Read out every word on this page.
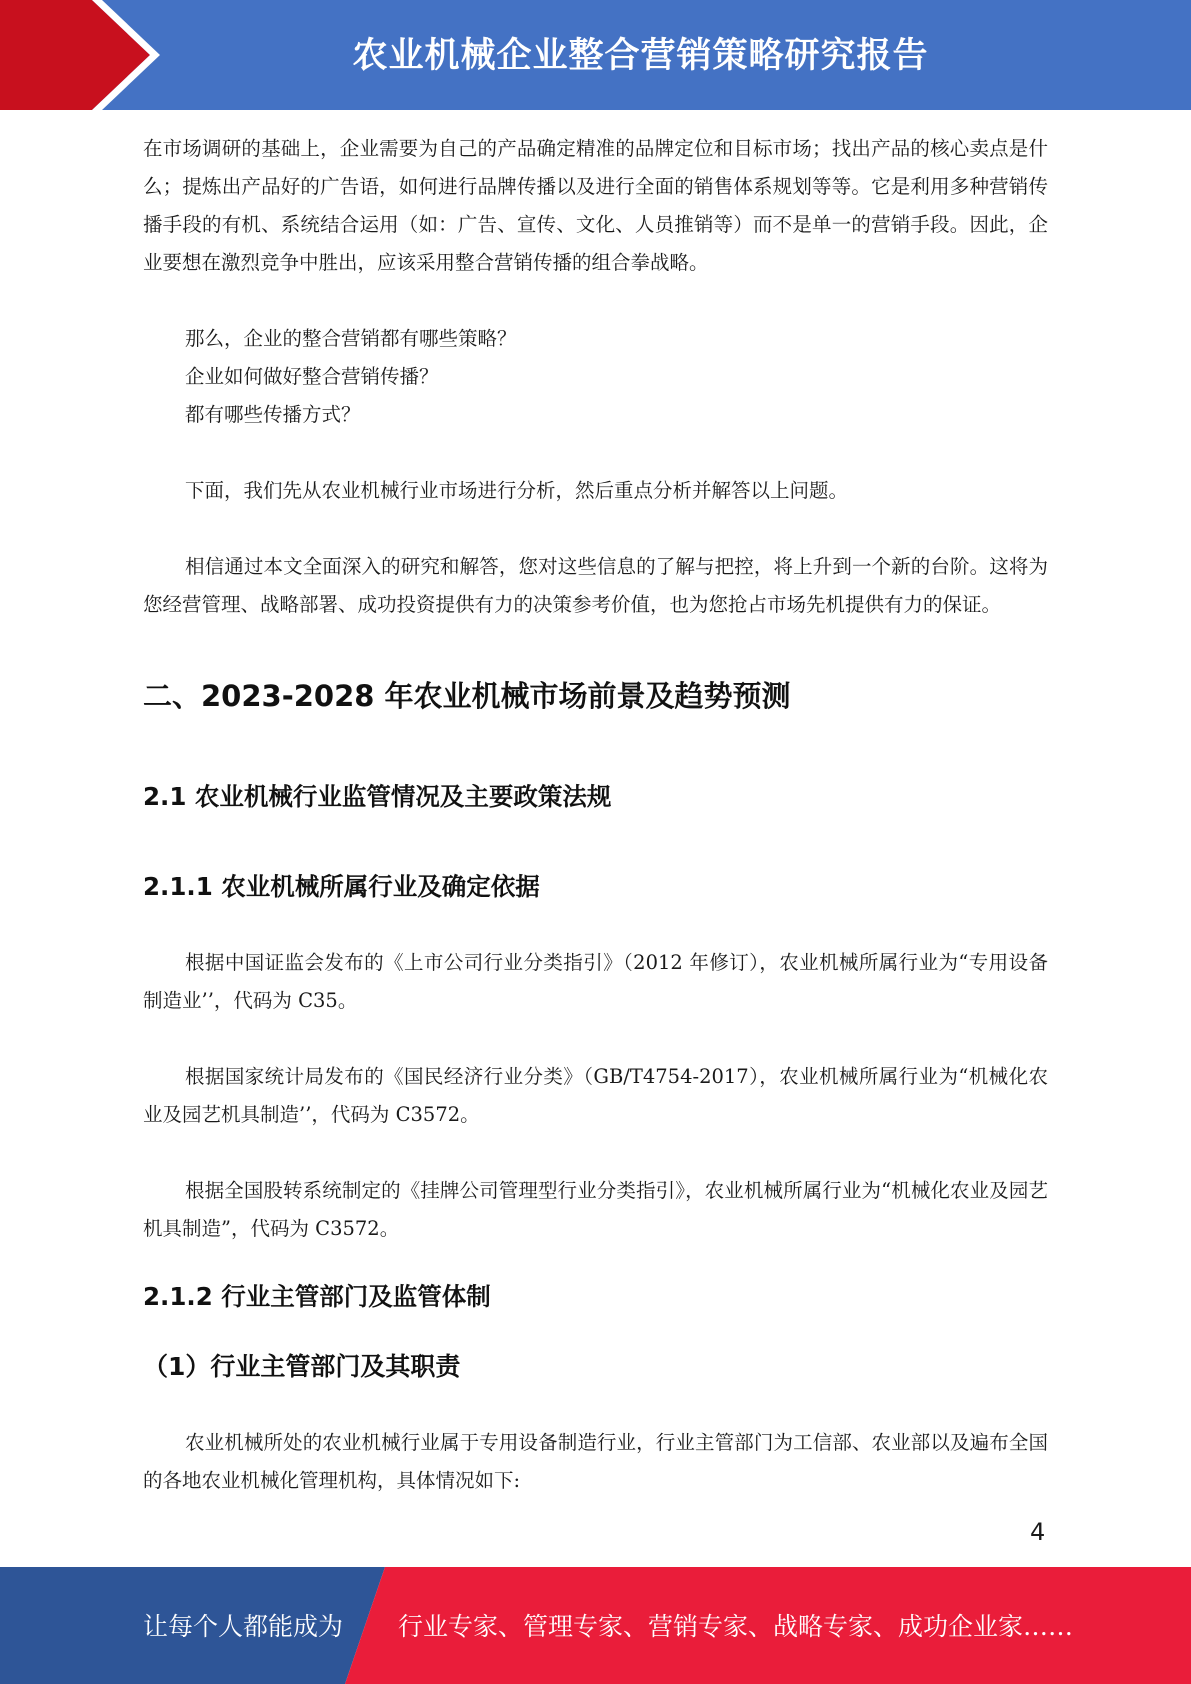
农业机械企业整合营销策略研究报告

在市场调研的基础上，企业需要为自己的产品确定精准的品牌定位和目标市场；找出产品的核心卖点是什么；提炼出产品好的广告语，如何进行品牌传播以及进行全面的销售体系规划等等。它是利用多种营销传播手段的有机、系统结合运用（如：广告、宣传、文化、人员推销等）而不是单一的营销手段。因此，企业要想在激烈竞争中胜出，应该采用整合营销传播的组合拳战略。

那么，企业的整合营销都有哪些策略？

企业如何做好整合营销传播？

都有哪些传播方式？

下面，我们先从农业机械行业市场进行分析，然后重点分析并解答以上问题。

相信通过本文全面深入的研究和解答，您对这些信息的了解与把控，将上升到一个新的台阶。这将为您经营管理、战略部署、成功投资提供有力的决策参考价值，也为您抢占市场先机提供有力的保证。

二、2023-2028 年农业机械市场前景及趋势预测
2.1 农业机械行业监管情况及主要政策法规
2.1.1 农业机械所属行业及确定依据

根据中国证监会发布的《上市公司行业分类指引》（2012 年修订），农业机械所属行业为“专用设备制造业’’，代码为 C35。

根据国家统计局发布的《国民经济行业分类》（GB/T4754-2017），农业机械所属行业为“机械化农业及园艺机具制造’’，代码为 C3572。

根据全国股转系统制定的《挂牌公司管理型行业分类指引》，农业机械所属行业为“机械化农业及园艺机具制造”，代码为 C3572。

2.1.2 行业主管部门及监管体制
（1）行业主管部门及其职责

农业机械所处的农业机械行业属于专用设备制造行业，行业主管部门为工信部、农业部以及遍布全国的各地农业机械化管理机构，具体情况如下:

4
让每个人都能成为 行业专家、管理专家、营销专家、战略专家、成功企业家……
